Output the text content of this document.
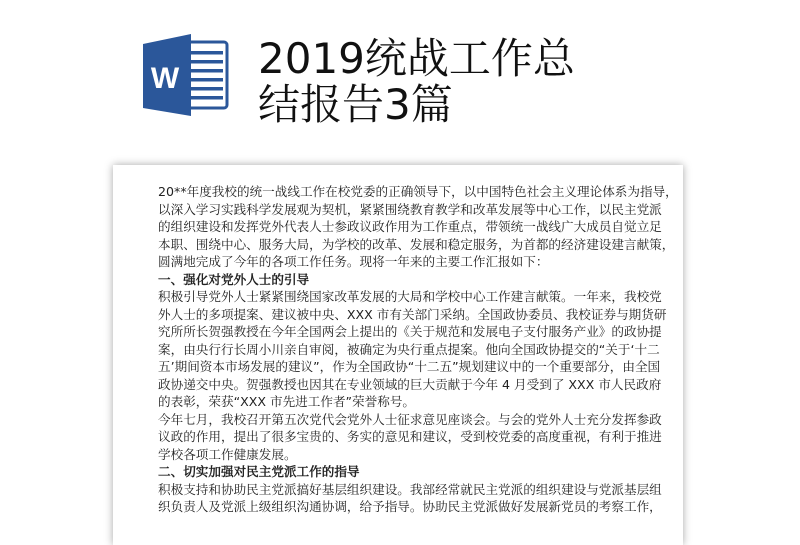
W 2019统战工作总
结报告3篇
20**年度我校的统一战线工作在校党委的正确领导下，以中国特色社会主义理论体系为指导，
以深入学习实践科学发展观为契机，紧紧围绕教育教学和改革发展等中心工作，以民主党派
的组织建设和发挥党外代表人士参政议政作用为工作重点，带领统一战线广大成员自觉立足
本职、围绕中心、服务大局，为学校的改革、发展和稳定服务，为首都的经济建设建言献策，
圆满地完成了今年的各项工作任务。现将一年来的主要工作汇报如下：
一、强化对党外人士的引导
积极引导党外人士紧紧围绕国家改革发展的大局和学校中心工作建言献策。一年来，我校党
外人士的多项提案、建议被中央、XXX 市有关部门采纳。全国政协委员、我校证券与期货研
究所所长贺强教授在今年全国两会上提出的《关于规范和发展电子支付服务产业》的政协提
案，由央行行长周小川亲自审阅，被确定为央行重点提案。他向全国政协提交的“关于‘十二
五’期间资本市场发展的建议”，作为全国政协“十二五”规划建议中的一个重要部分，由全国
政协递交中央。贺强教授也因其在专业领域的巨大贡献于今年 4 月受到了 XXX 市人民政府
的表彰，荣获“XXX 市先进工作者”荣誉称号。
今年七月，我校召开第五次党代会党外人士征求意见座谈会。与会的党外人士充分发挥参政
议政的作用，提出了很多宝贵的、务实的意见和建议，受到校党委的高度重视，有利于推进
学校各项工作健康发展。
二、切实加强对民主党派工作的指导
积极支持和协助民主党派搞好基层组织建设。我部经常就民主党派的组织建设与党派基层组
织负责人及党派上级组织沟通协调，给予指导。协助民主党派做好发展新党员的考察工作，
